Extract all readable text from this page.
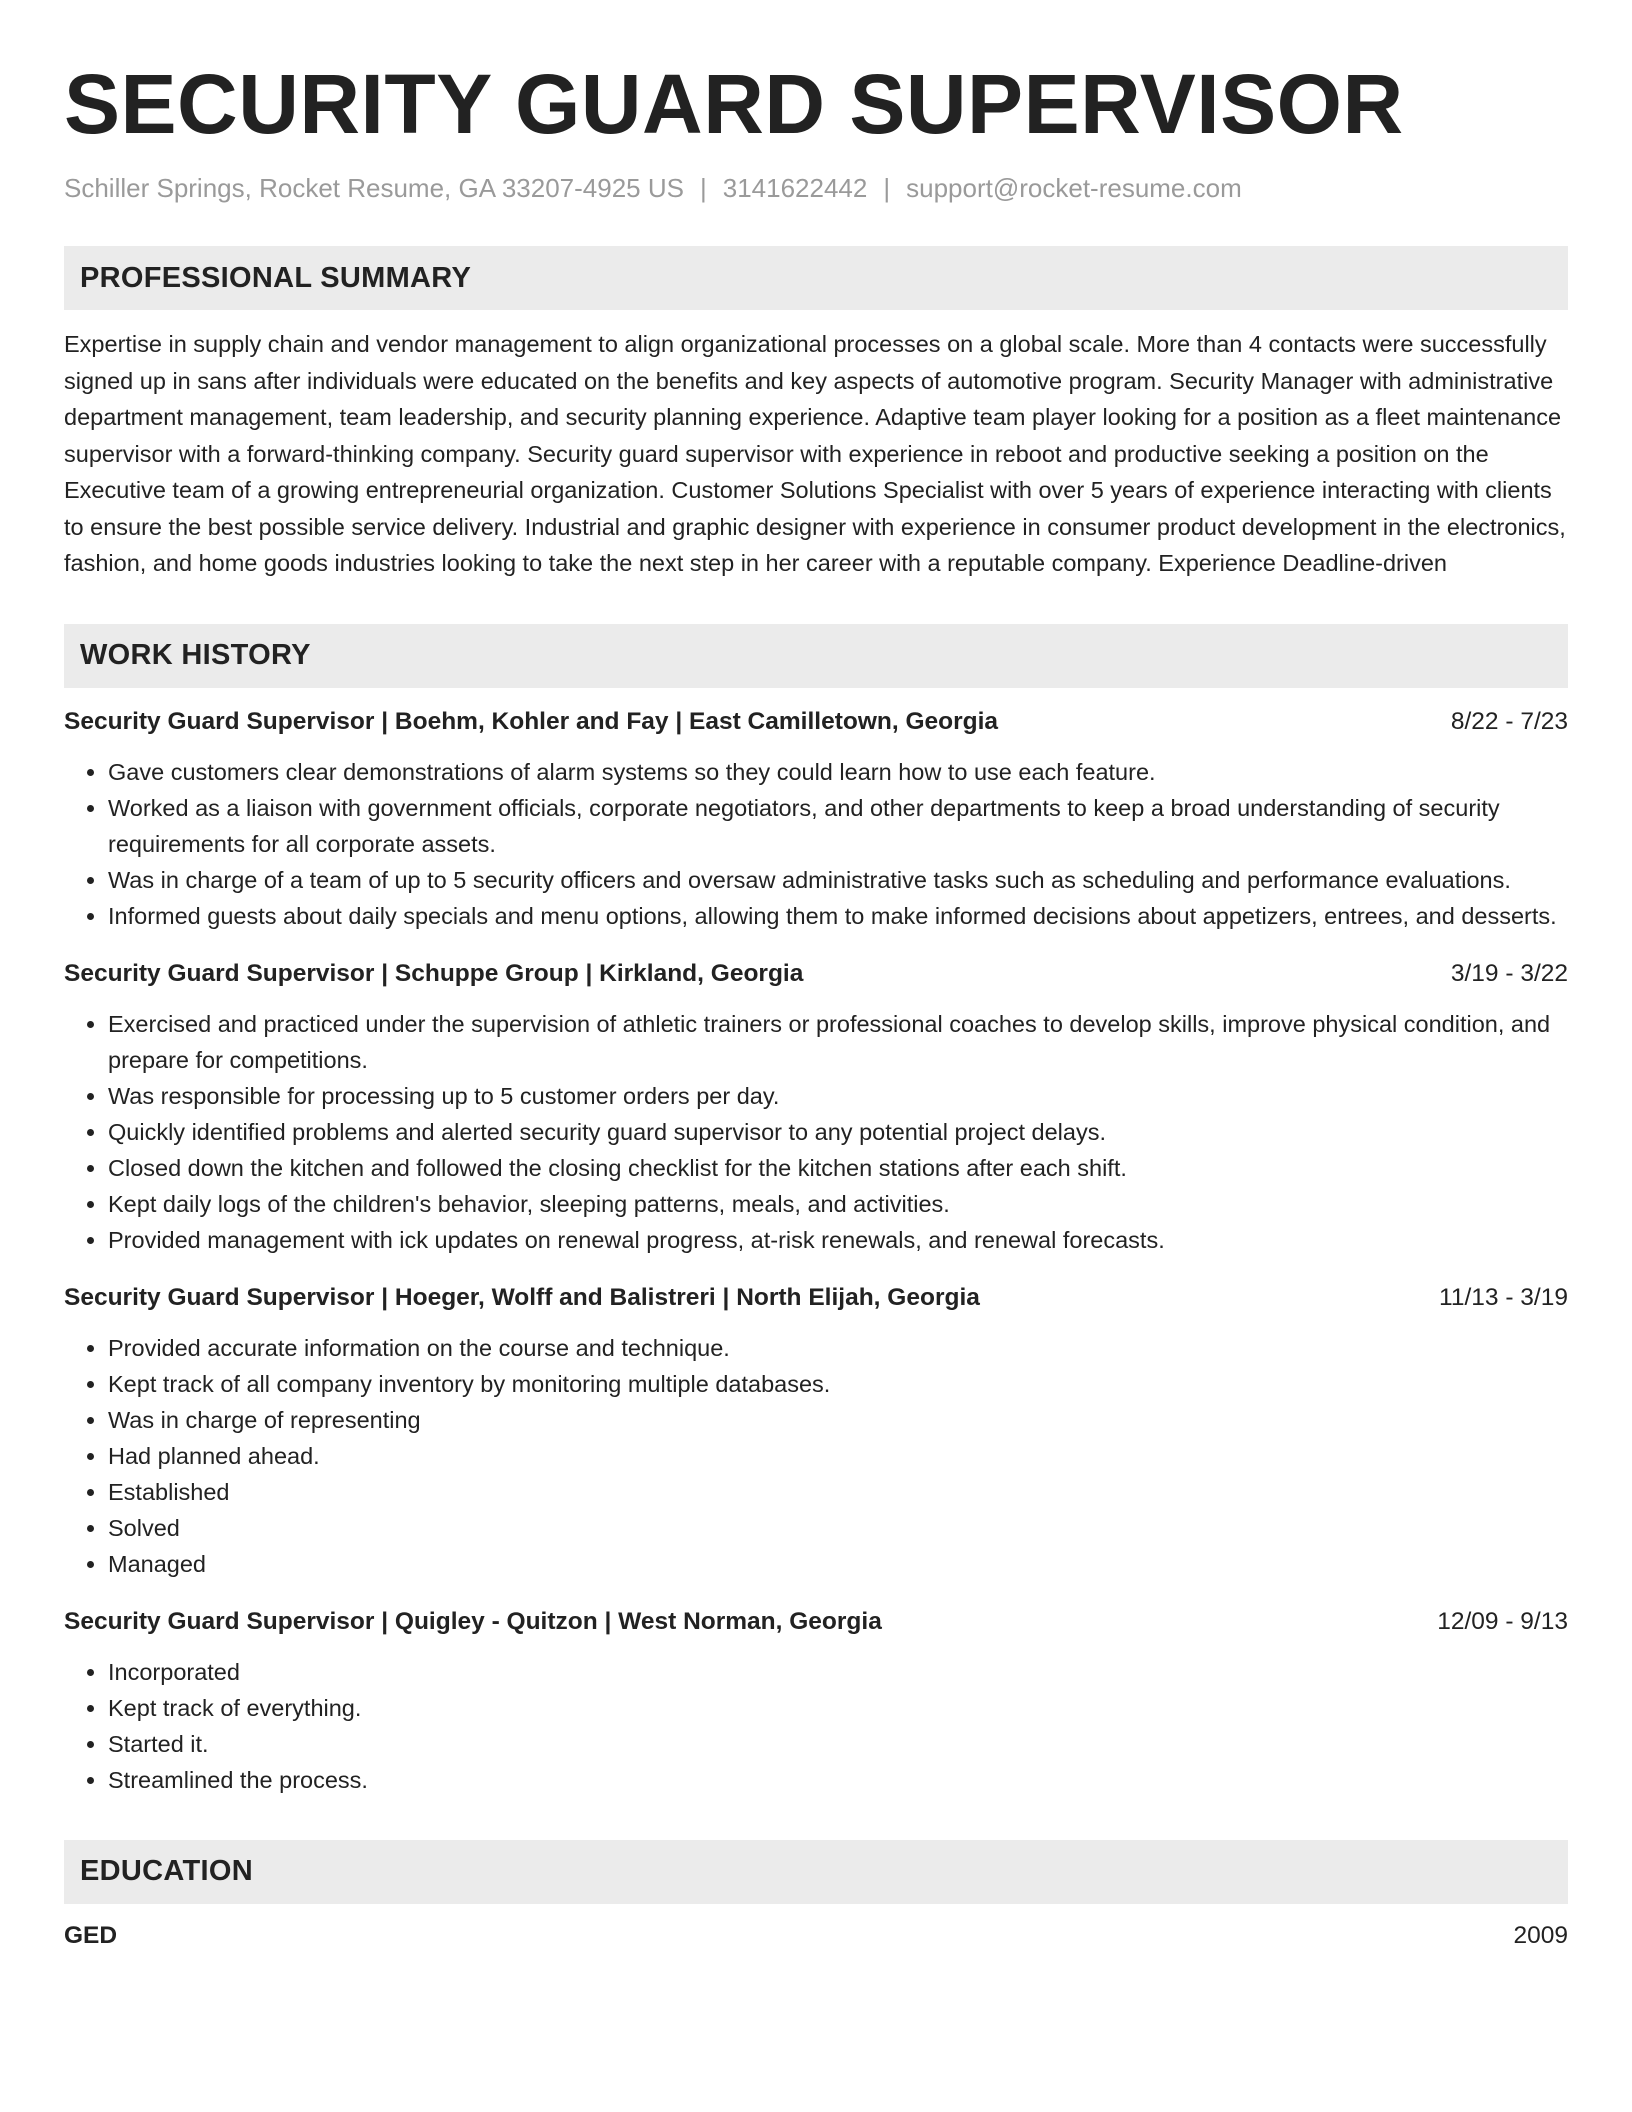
SECURITY GUARD SUPERVISOR
Schiller Springs, Rocket Resume, GA 33207-4925 US | 3141622442 | support@rocket-resume.com
PROFESSIONAL SUMMARY
Expertise in supply chain and vendor management to align organizational processes on a global scale. More than 4 contacts were successfully signed up in sans after individuals were educated on the benefits and key aspects of automotive program. Security Manager with administrative department management, team leadership, and security planning experience. Adaptive team player looking for a position as a fleet maintenance supervisor with a forward-thinking company. Security guard supervisor with experience in reboot and productive seeking a position on the Executive team of a growing entrepreneurial organization. Customer Solutions Specialist with over 5 years of experience interacting with clients to ensure the best possible service delivery. Industrial and graphic designer with experience in consumer product development in the electronics, fashion, and home goods industries looking to take the next step in her career with a reputable company. Experience Deadline-driven
WORK HISTORY
Security Guard Supervisor | Boehm, Kohler and Fay | East Camilletown, Georgia	8/22 - 7/23
• Gave customers clear demonstrations of alarm systems so they could learn how to use each feature.
• Worked as a liaison with government officials, corporate negotiators, and other departments to keep a broad understanding of security requirements for all corporate assets.
• Was in charge of a team of up to 5 security officers and oversaw administrative tasks such as scheduling and performance evaluations.
• Informed guests about daily specials and menu options, allowing them to make informed decisions about appetizers, entrees, and desserts.
Security Guard Supervisor | Schuppe Group | Kirkland, Georgia	3/19 - 3/22
• Exercised and practiced under the supervision of athletic trainers or professional coaches to develop skills, improve physical condition, and prepare for competitions.
• Was responsible for processing up to 5 customer orders per day.
• Quickly identified problems and alerted security guard supervisor to any potential project delays.
• Closed down the kitchen and followed the closing checklist for the kitchen stations after each shift.
• Kept daily logs of the children's behavior, sleeping patterns, meals, and activities.
• Provided management with ick updates on renewal progress, at-risk renewals, and renewal forecasts.
Security Guard Supervisor | Hoeger, Wolff and Balistreri | North Elijah, Georgia	11/13 - 3/19
• Provided accurate information on the course and technique.
• Kept track of all company inventory by monitoring multiple databases.
• Was in charge of representing
• Had planned ahead.
• Established
• Solved
• Managed
Security Guard Supervisor | Quigley - Quitzon | West Norman, Georgia	12/09 - 9/13
• Incorporated
• Kept track of everything.
• Started it.
• Streamlined the process.
EDUCATION
GED	2009
